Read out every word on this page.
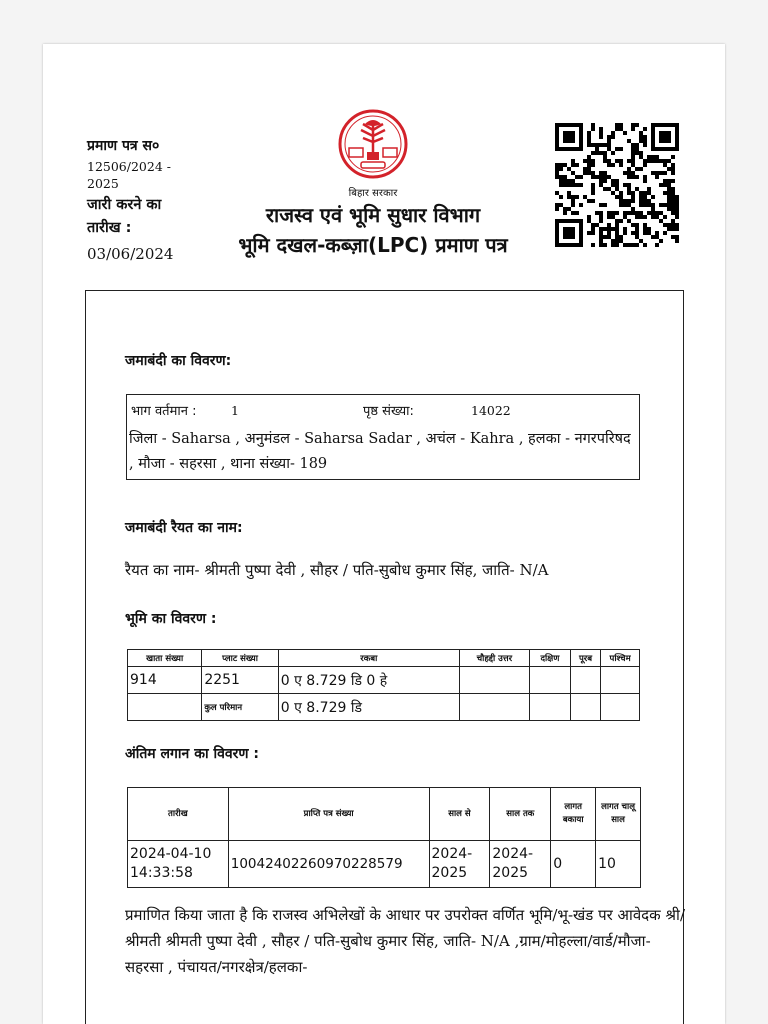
प्रमाण पत्र स०
12506/2024 - 2025
जारी करने का तारीख :
03/06/2024
बिहार सरकार
राजस्व एवं भूमि सुधार विभाग
भूमि दखल-कब्ज़ा(LPC) प्रमाण पत्र
जमाबंदी का विवरण:
भाग वर्तमान :	1	पृष्ठ संख्या:	14022
जिला - Saharsa , अनुमंडल - Saharsa Sadar , अचंल - Kahra , हलका - नगरपरिषद , मौजा - सहरसा , थाना संख्या- 189
जमाबंदी रैयत का नाम:
रैयत का नाम- श्रीमती पुष्पा देवी , सौहर / पति-सुबोध कुमार सिंह, जाति- N/A
भूमि का विवरण :
खाता संख्या	प्लाट संख्या	रकबा	चौहद्दी उत्तर	दक्षिण	पूरब	पश्चिम
914	2251	0 ए 8.729 डि 0 हे				
	कुल परिमान	0 ए 8.729 डि				
अंतिम लगान का विवरण :
तारीख	प्राप्ति पत्र संख्या	साल से	साल तक	लागत बकाया	लागत चालू साल
2024-04-10 14:33:58	1004240226097022857​9	2024-2025	2024-2025	0	10
प्रमाणित किया जाता है कि राजस्व अभिलेखों के आधार पर उपरोक्त वर्णित भूमि/भू-खंड पर आवेदक श्री/श्रीमती श्रीमती पुष्पा देवी , सौहर / पति-सुबोध कुमार सिंह, जाति- N/A ,ग्राम/मोहल्ला/वार्ड/मौजा- सहरसा , पंचायत/नगरक्षेत्र/हलका-
